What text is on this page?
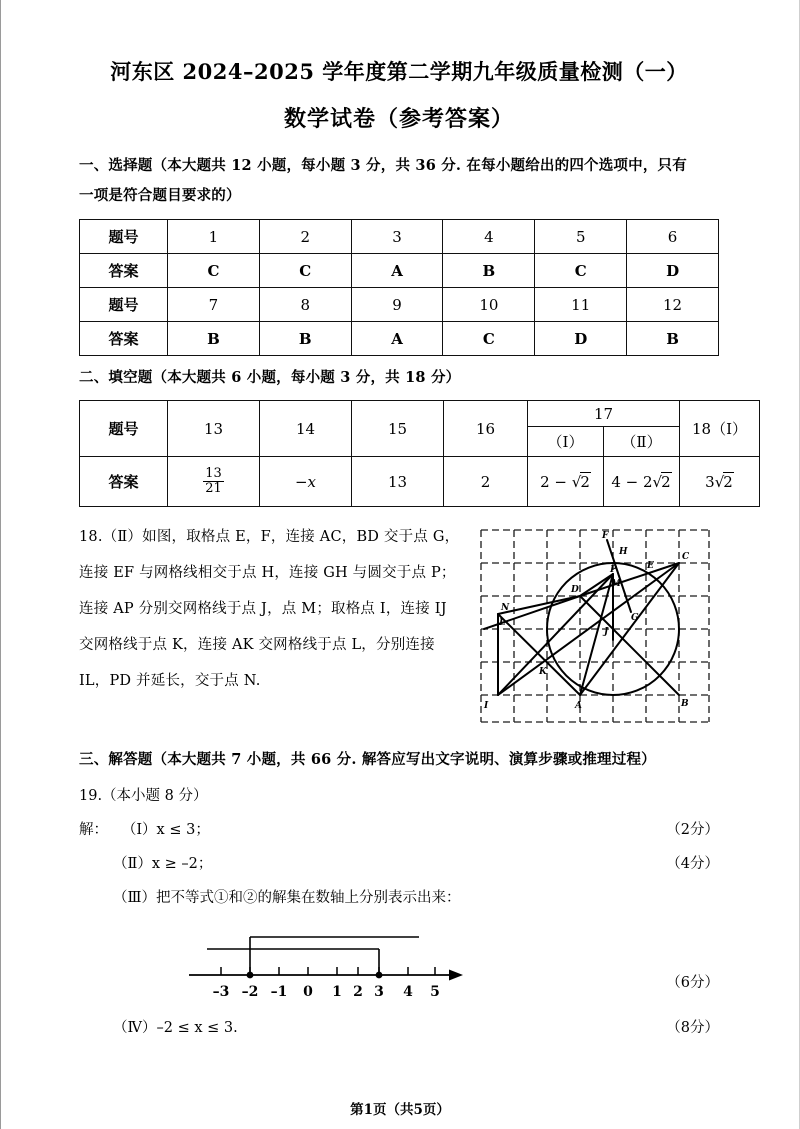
河东区 2024–2025 学年度第二学期九年级质量检测（一）
数学试卷（参考答案）
一、选择题（本大题共 12 小题，每小题 3 分，共 36 分. 在每小题给出的四个选项中，只有
一项是符合题目要求的）
题号	1	2	3	4	5	6
答案	C	C	A	B	C	D
题号	7	8	9	10	11	12
答案	B	B	A	C	D	B
二、填空题（本大题共 6 小题，每小题 3 分，共 18 分）
题号	13	14	15	16	17		18（Ⅰ）
					（Ⅰ）	（Ⅱ）	
答案	$\frac{13}{21}$	−x	13	2	2 − √2	4 − 2√2	3√2
18.（Ⅱ）如图，取格点 E，F，连接 AC，BD 交于点 G，
连接 EF 与网格线相交于点 H，连接 GH 与圆交于点 P；
连接 AP 分别交网格线于点 J，点 M；取格点 I，连接 IJ
交网格线于点 K，连接 AK 交网格线于点 L，分别连接
IL，PD 并延长，交于点 N.
A	B
C
D
E
F
G
H
I
J
K
L
M
N
P
三、解答题（本大题共 7 小题，共 66 分. 解答应写出文字说明、演算步骤或推理过程）
19.（本小题 8 分）
解： （Ⅰ）x ≤ 3；	（2分）
（Ⅱ）x ≥ –2；	（4分）
（Ⅲ）把不等式①和②的解集在数轴上分别表示出来：
–3 –2 –1 0 1 2 3 4 5
（6分）
（Ⅳ）–2 ≤ x ≤ 3.	（8分）
第1页（共5页）
